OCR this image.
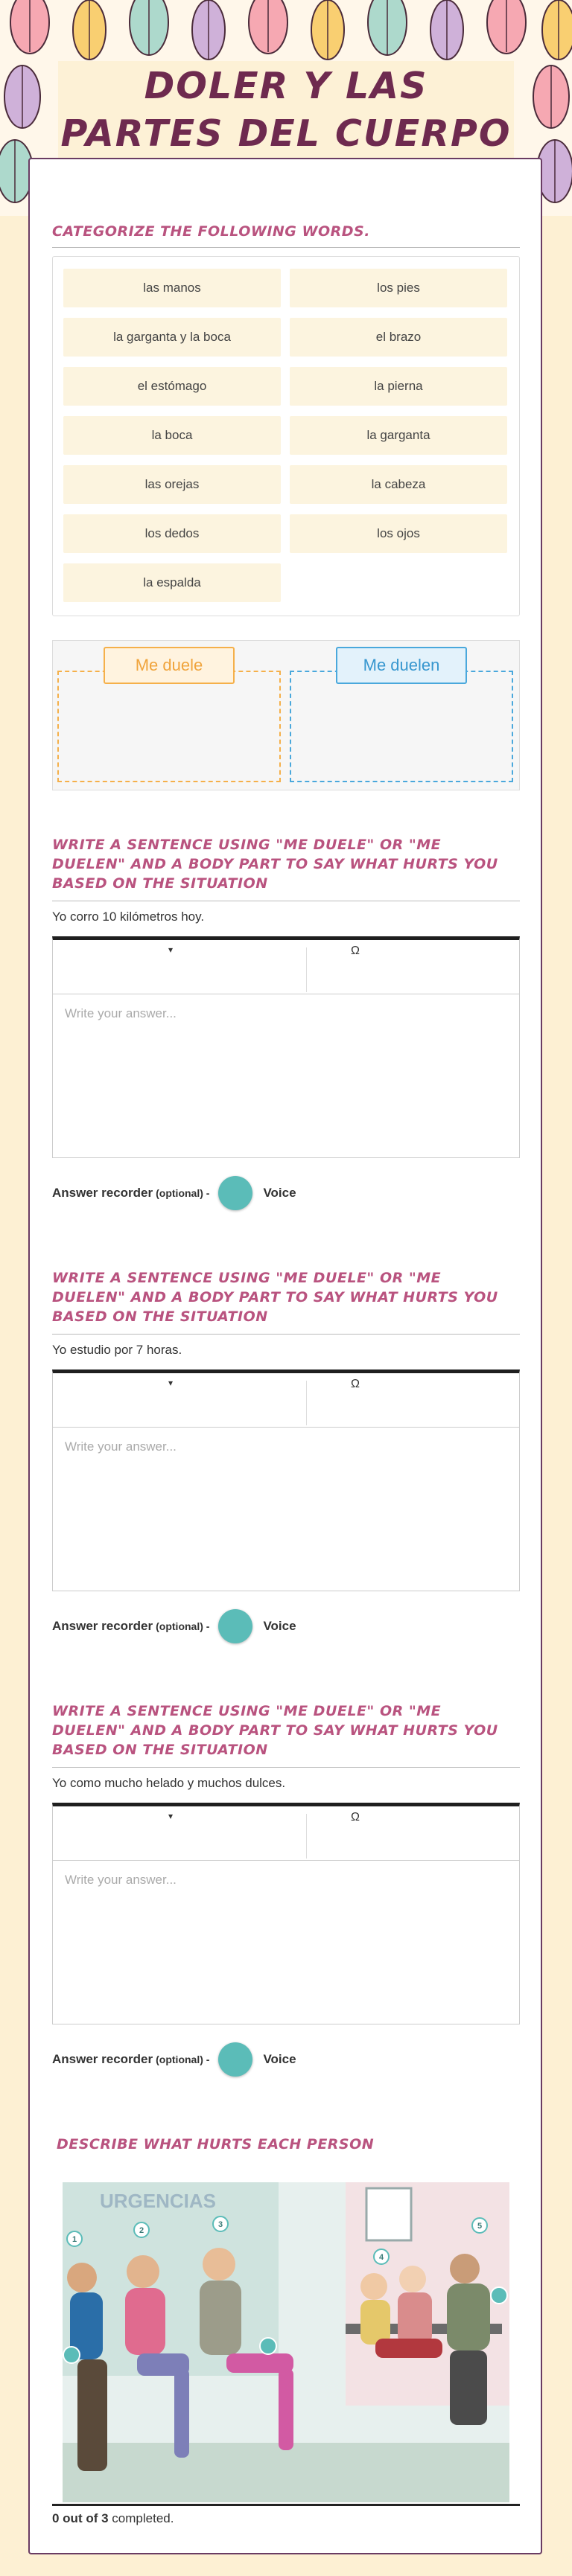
DOLER Y LAS PARTES DEL CUERPO
CATEGORIZE THE FOLLOWING WORDS.
las manos	los pies
la garganta y la boca	el brazo
el estómago	la pierna
la boca	la garganta
las orejas	la cabeza
los dedos	los ojos
la espalda
Me duele	Me duelen
WRITE A SENTENCE USING "ME DUELE" OR "ME DUELEN" AND A BODY PART TO SAY WHAT HURTS YOU BASED ON THE SITUATION
Yo corro 10 kilómetros hoy.
▾	Ω
Write your answer...
Answer recorder (optional) -	Voice
WRITE A SENTENCE USING "ME DUELE" OR "ME DUELEN" AND A BODY PART TO SAY WHAT HURTS YOU BASED ON THE SITUATION
Yo estudio por 7 horas.
▾	Ω
Write your answer...
Answer recorder (optional) -	Voice
WRITE A SENTENCE USING "ME DUELE" OR "ME DUELEN" AND A BODY PART TO SAY WHAT HURTS YOU BASED ON THE SITUATION
Yo como mucho helado y muchos dulces.
▾	Ω
Write your answer...
Answer recorder (optional) -	Voice
DESCRIBE WHAT HURTS EACH PERSON
URGENCIAS
1
2
3
4
5
0 out of 3 completed.
